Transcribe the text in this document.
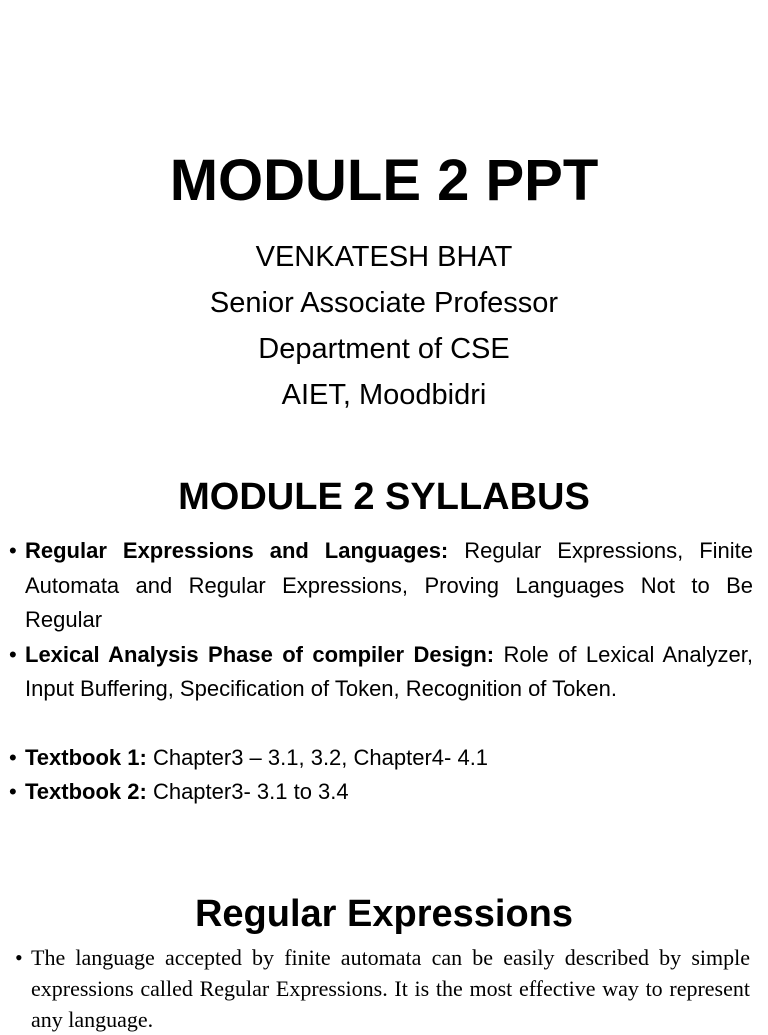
MODULE 2 PPT
VENKATESH BHAT
Senior Associate Professor
Department of CSE
AIET, Moodbidri
MODULE 2 SYLLABUS
• Regular Expressions and Languages: Regular Expressions, Finite Automata and Regular Expressions, Proving Languages Not to Be Regular
• Lexical Analysis Phase of compiler Design: Role of Lexical Analyzer, Input Buffering, Specification of Token, Recognition of Token.
• Textbook 1: Chapter3 – 3.1, 3.2, Chapter4- 4.1
• Textbook 2: Chapter3- 3.1 to 3.4
Regular Expressions
• The language accepted by finite automata can be easily described by simple expressions called Regular Expressions. It is the most effective way to represent any language.
